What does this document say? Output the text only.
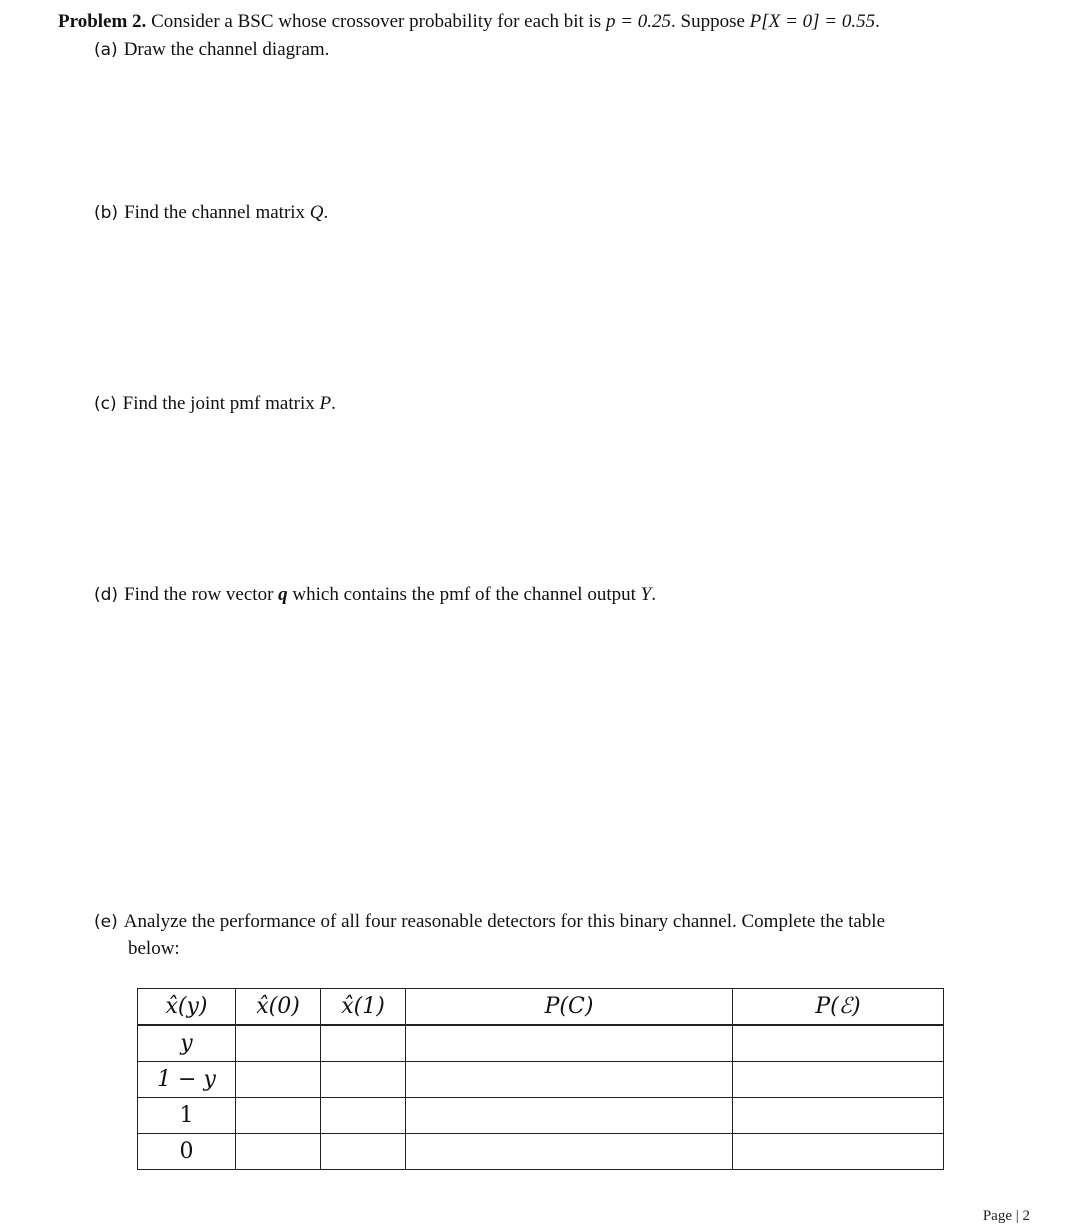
Problem 2. Consider a BSC whose crossover probability for each bit is p = 0.25. Suppose P[X = 0] = 0.55.
(a) Draw the channel diagram.
(b) Find the channel matrix Q.
(c) Find the joint pmf matrix P.
(d) Find the row vector q which contains the pmf of the channel output Y.
(e) Analyze the performance of all four reasonable detectors for this binary channel. Complete the table
below:
x̂(y)	x̂(0)	x̂(1)	P(C)	P(ℰ)
y				
1 − y				
1				
0				
Page | 2
